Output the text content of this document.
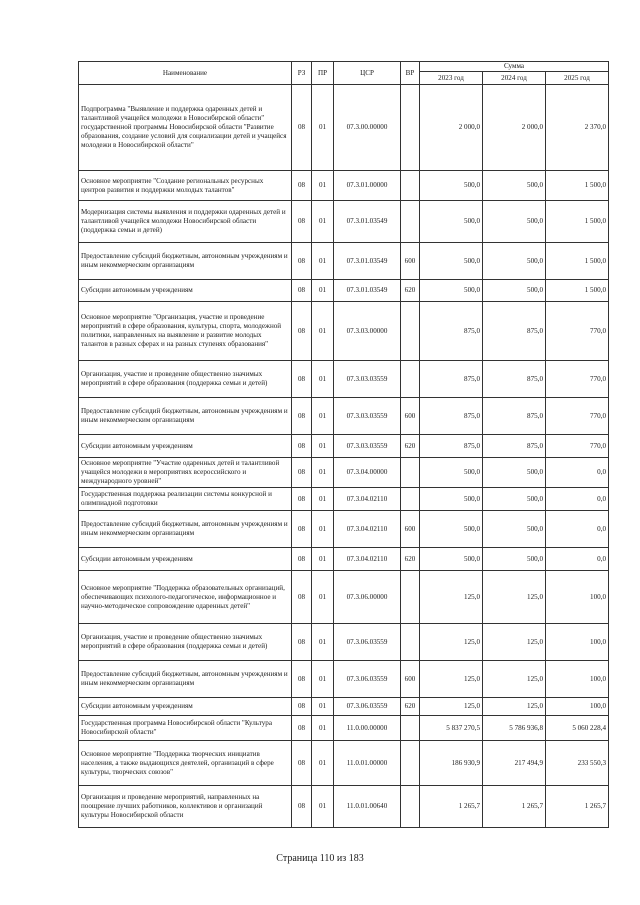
Наименование	РЗ	ПР	ЦСР	ВР	Сумма		
					2023 год	2024 год	2025 год
Подпрограмма "Выявление и поддержка одаренных детей и талантливой учащейся молодежи в Новосибирской области" государственной программы Новосибирской области "Развитие образования, создание условий для социализации детей и учащейся молодежи в Новосибирской области"	08	01	07.3.00.00000		2 000,0	2 000,0	2 370,0
Основное мероприятие "Создание региональных ресурсных центров развития и поддержки молодых талантов"	08	01	07.3.01.00000		500,0	500,0	1 500,0
Модернизация системы выявления и поддержки одаренных детей и талантливой учащейся молодежи Новосибирской области (поддержка семьи и детей)	08	01	07.3.01.03549		500,0	500,0	1 500,0
Предоставление субсидий бюджетным, автономным учреждениям и иным некоммерческим организациям	08	01	07.3.01.03549	600	500,0	500,0	1 500,0
Субсидии автономным учреждениям	08	01	07.3.01.03549	620	500,0	500,0	1 500,0
Основное мероприятие "Организация, участие и проведение мероприятий в сфере образования, культуры, спорта, молодежной политики, направленных на выявление и развитие молодых талантов в разных сферах и на разных ступенях образования"	08	01	07.3.03.00000		875,0	875,0	770,0
Организация, участие и проведение общественно значимых мероприятий в сфере образования (поддержка семьи и детей)	08	01	07.3.03.03559		875,0	875,0	770,0
Предоставление субсидий бюджетным, автономным учреждениям и иным некоммерческим организациям	08	01	07.3.03.03559	600	875,0	875,0	770,0
Субсидии автономным учреждениям	08	01	07.3.03.03559	620	875,0	875,0	770,0
Основное мероприятие "Участие одаренных детей и талантливой учащейся молодежи в мероприятиях всероссийского и международного уровней"	08	01	07.3.04.00000		500,0	500,0	0,0
Государственная поддержка реализации системы конкурсной и олимпиадной подготовки	08	01	07.3.04.02110		500,0	500,0	0,0
Предоставление субсидий бюджетным, автономным учреждениям и иным некоммерческим организациям	08	01	07.3.04.02110	600	500,0	500,0	0,0
Субсидии автономным учреждениям	08	01	07.3.04.02110	620	500,0	500,0	0,0
Основное мероприятие "Поддержка образовательных организаций, обеспечивающих психолого-педагогическое, информационное и научно-методическое сопровождение одаренных детей"	08	01	07.3.06.00000		125,0	125,0	100,0
Организация, участие и проведение общественно значимых мероприятий в сфере образования (поддержка семьи и детей)	08	01	07.3.06.03559		125,0	125,0	100,0
Предоставление субсидий бюджетным, автономным учреждениям и иным некоммерческим организациям	08	01	07.3.06.03559	600	125,0	125,0	100,0
Субсидии автономным учреждениям	08	01	07.3.06.03559	620	125,0	125,0	100,0
Государственная программа Новосибирской области "Культура Новосибирской области"	08	01	11.0.00.00000		5 837 270,5	5 786 936,8	5 060 228,4
Основное мероприятие "Поддержка творческих инициатив населения, а также выдающихся деятелей, организаций в сфере культуры, творческих союзов"	08	01	11.0.01.00000		186 930,9	217 494,9	233 550,3
Организация и проведение мероприятий, направленных на поощрение лучших работников, коллективов и организаций культуры Новосибирской области	08	01	11.0.01.00640		1 265,7	1 265,7	1 265,7
Страница 110 из 183
